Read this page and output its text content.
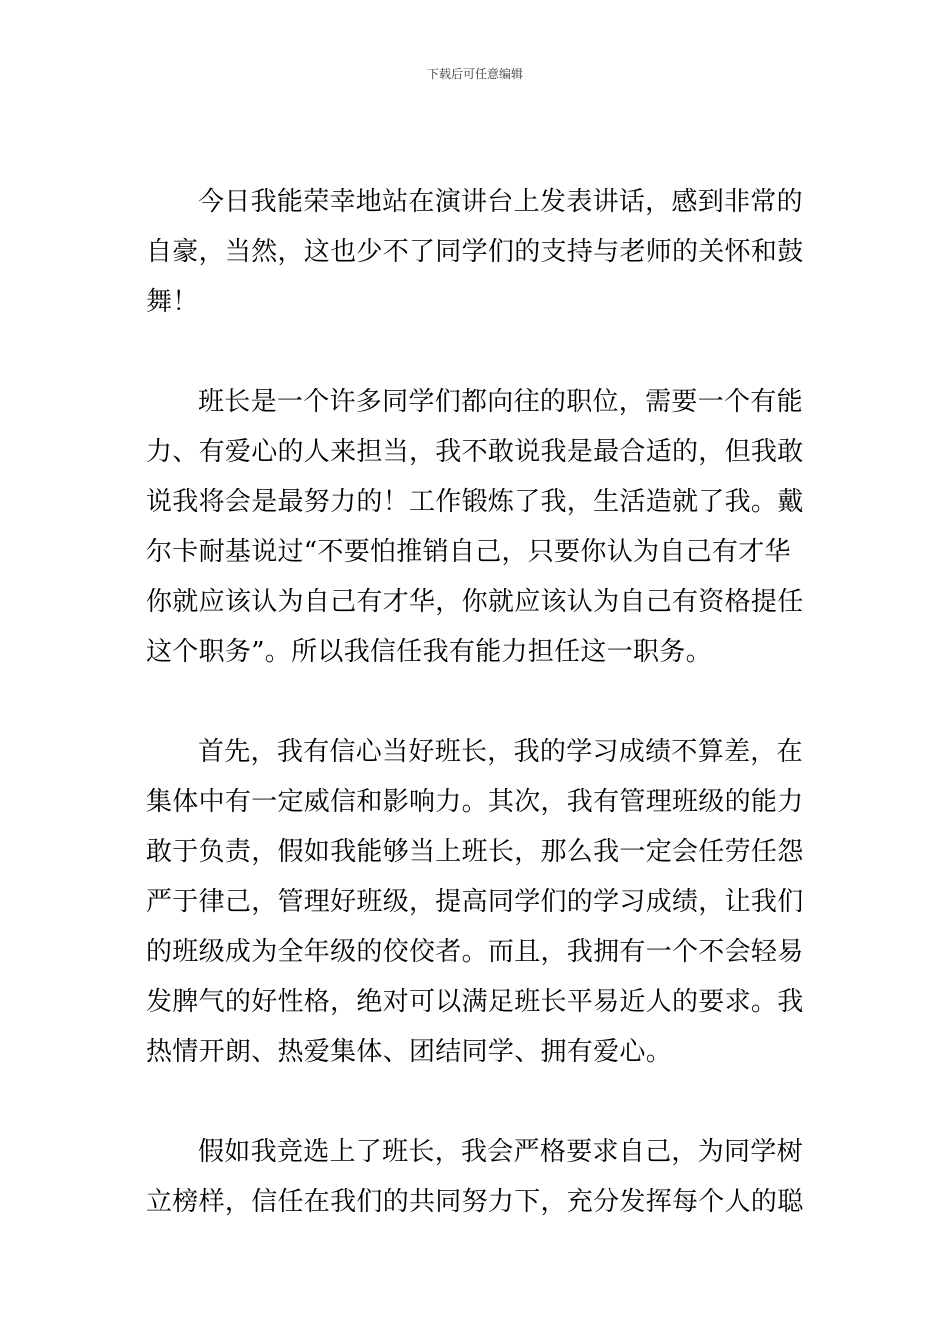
下载后可任意编辑
今日我能荣幸地站在演讲台上发表讲话，感到非常的
自豪，当然，这也少不了同学们的支持与老师的关怀和鼓
舞！
班长是一个许多同学们都向往的职位，需要一个有能
力、有爱心的人来担当，我不敢说我是最合适的，但我敢
说我将会是最努力的！工作锻炼了我，生活造就了我。戴
尔卡耐基说过“不要怕推销自己，只要你认为自己有才华
你就应该认为自己有才华，你就应该认为自己有资格提任
这个职务”。所以我信任我有能力担任这一职务。
首先，我有信心当好班长，我的学习成绩不算差，在
集体中有一定威信和影响力。其次，我有管理班级的能力
敢于负责，假如我能够当上班长，那么我一定会任劳任怨
严于律己，管理好班级，提高同学们的学习成绩，让我们
的班级成为全年级的佼佼者。而且，我拥有一个不会轻易
发脾气的好性格，绝对可以满足班长平易近人的要求。我
热情开朗、热爱集体、团结同学、拥有爱心。
假如我竞选上了班长，我会严格要求自己，为同学树
立榜样，信任在我们的共同努力下，充分发挥每个人的聪
